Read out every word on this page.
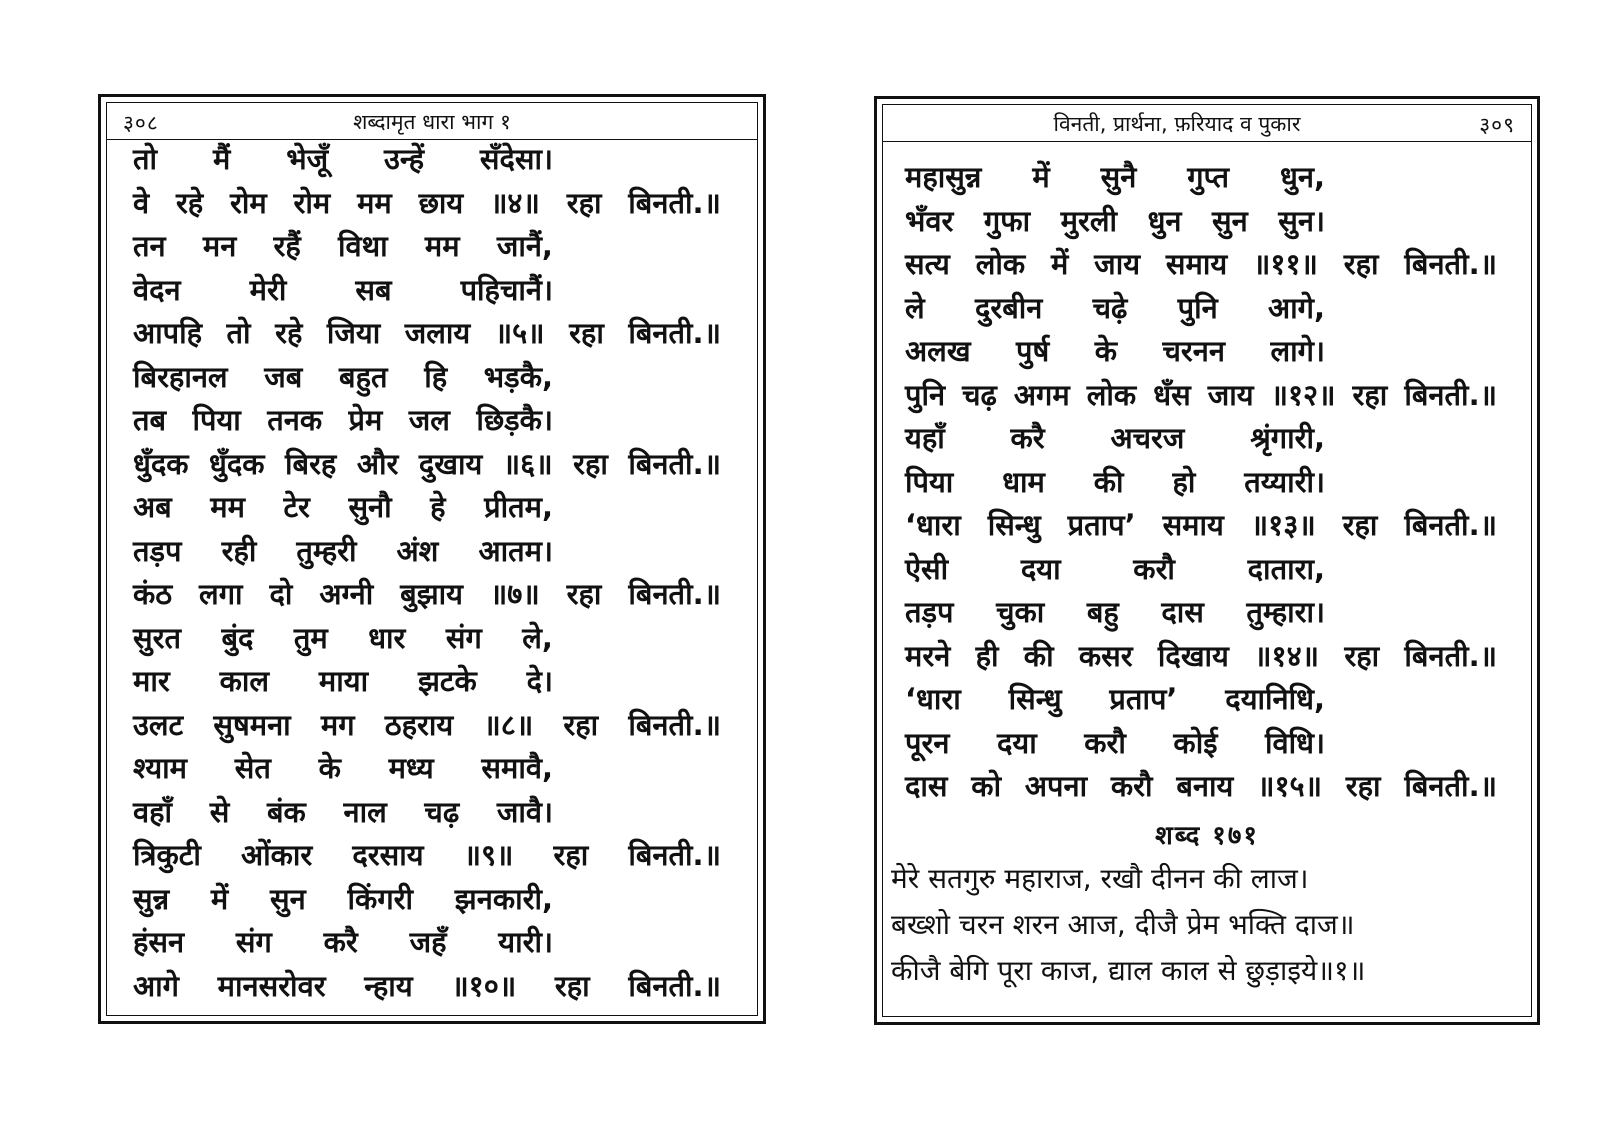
३०८	शब्दामृत धारा भाग १
तो मैं भेजूँ उन्हें सँदेसा।
वे रहे रोम रोम मम छाय ॥४॥ रहा बिनती.॥
तन मन रहैं विथा मम जानैं,
वेदन मेरी सब पहिचानैं।
आपहि तो रहे जिया जलाय ॥५॥ रहा बिनती.॥
बिरहानल जब बहुत हि भड़कै,
तब पिया तनक प्रेम जल छिड़कै।
धुँदक धुँदक बिरह और दुखाय ॥६॥ रहा बिनती.॥
अब मम टेर सुनौ हे प्रीतम,
तड़प रही तुम्हरी अंश आतम।
कंठ लगा दो अग्नी बुझाय ॥७॥ रहा बिनती.॥
सुरत बुंद तुम धार संग ले,
मार काल माया झटके दे।
उलट सुषमना मग ठहराय ॥८॥ रहा बिनती.॥
श्याम सेत के मध्य समावै,
वहाँ से बंक नाल चढ़ जावै।
त्रिकुटी ओंकार दरसाय ॥९॥ रहा बिनती.॥
सुन्न में सुन किंगरी झनकारी,
हंसन संग करै जहँ यारी।
आगे मानसरोवर न्हाय ॥१०॥ रहा बिनती.॥
विनती, प्रार्थना, फ़रियाद व पुकार	३०९
महासुन्न में सुनै गुप्त धुन,
भँवर गुफा मुरली धुन सुन सुन।
सत्य लोक में जाय समाय ॥११॥ रहा बिनती.॥
ले दुरबीन चढ़े पुनि आगे,
अलख पुर्ष के चरनन लागे।
पुनि चढ़ अगम लोक धँस जाय ॥१२॥ रहा बिनती.॥
यहाँ करै अचरज श्रृंगारी,
पिया धाम की हो तय्यारी।
‘धारा सिन्धु प्रताप’ समाय ॥१३॥ रहा बिनती.॥
ऐसी	दया	करौ	दातारा,
तड़प चुका बहु दास तुम्हारा।
मरने ही की कसर दिखाय ॥१४॥ रहा बिनती.॥
‘धारा सिन्धु प्रताप’ दयानिधि,
पूरन दया करौ कोई विधि।
दास को अपना करौ बनाय ॥१५॥ रहा बिनती.॥
शब्द १७१
मेरे सतगुरु महाराज, रखौ दीनन की लाज।
बख्शो चरन शरन आज, दीजै प्रेम भक्ति दाज॥
कीजै बेगि पूरा काज, द्याल काल से छुड़ाइये॥१॥
